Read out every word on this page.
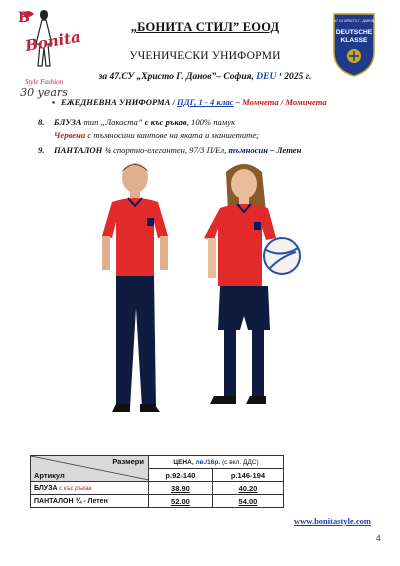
B
Bonita
Style Fashion
30 years
47 СУ ХРИСТО Г. ДАНОВ
DEUTSCHE
KLASSE
„БОНИТА СТИЛ” ЕООД
УЧЕНИЧЕСКИ УНИФОРМИ
за 47.СУ „Христо Г. Данов”– София, DEU ‘ 2025 г.
▪ ЕЖЕДНЕВНА УНИФОРМА / ПДГ, 1 - 4 клас – Момчета / Момичета
8. БЛУЗА тип „Лакоста” с къс ръкав, 100% памук
Червена с тъмносини кантове на яката и маншетите;
9. ПАНТАЛОН ¾ спортно-елегантен, 97/3 П/Ел, тъмносин – Летен
Размери
Артикул	ЦЕНА, лв./16р. (с вкл. ДДС)	
	р.92-140	р.146-194
БЛУЗА с къс ръкав	38.90	40.20
ПАНТАЛОН ¾ - Летен	52.00	54.00
www.bonitastyle.com
4
